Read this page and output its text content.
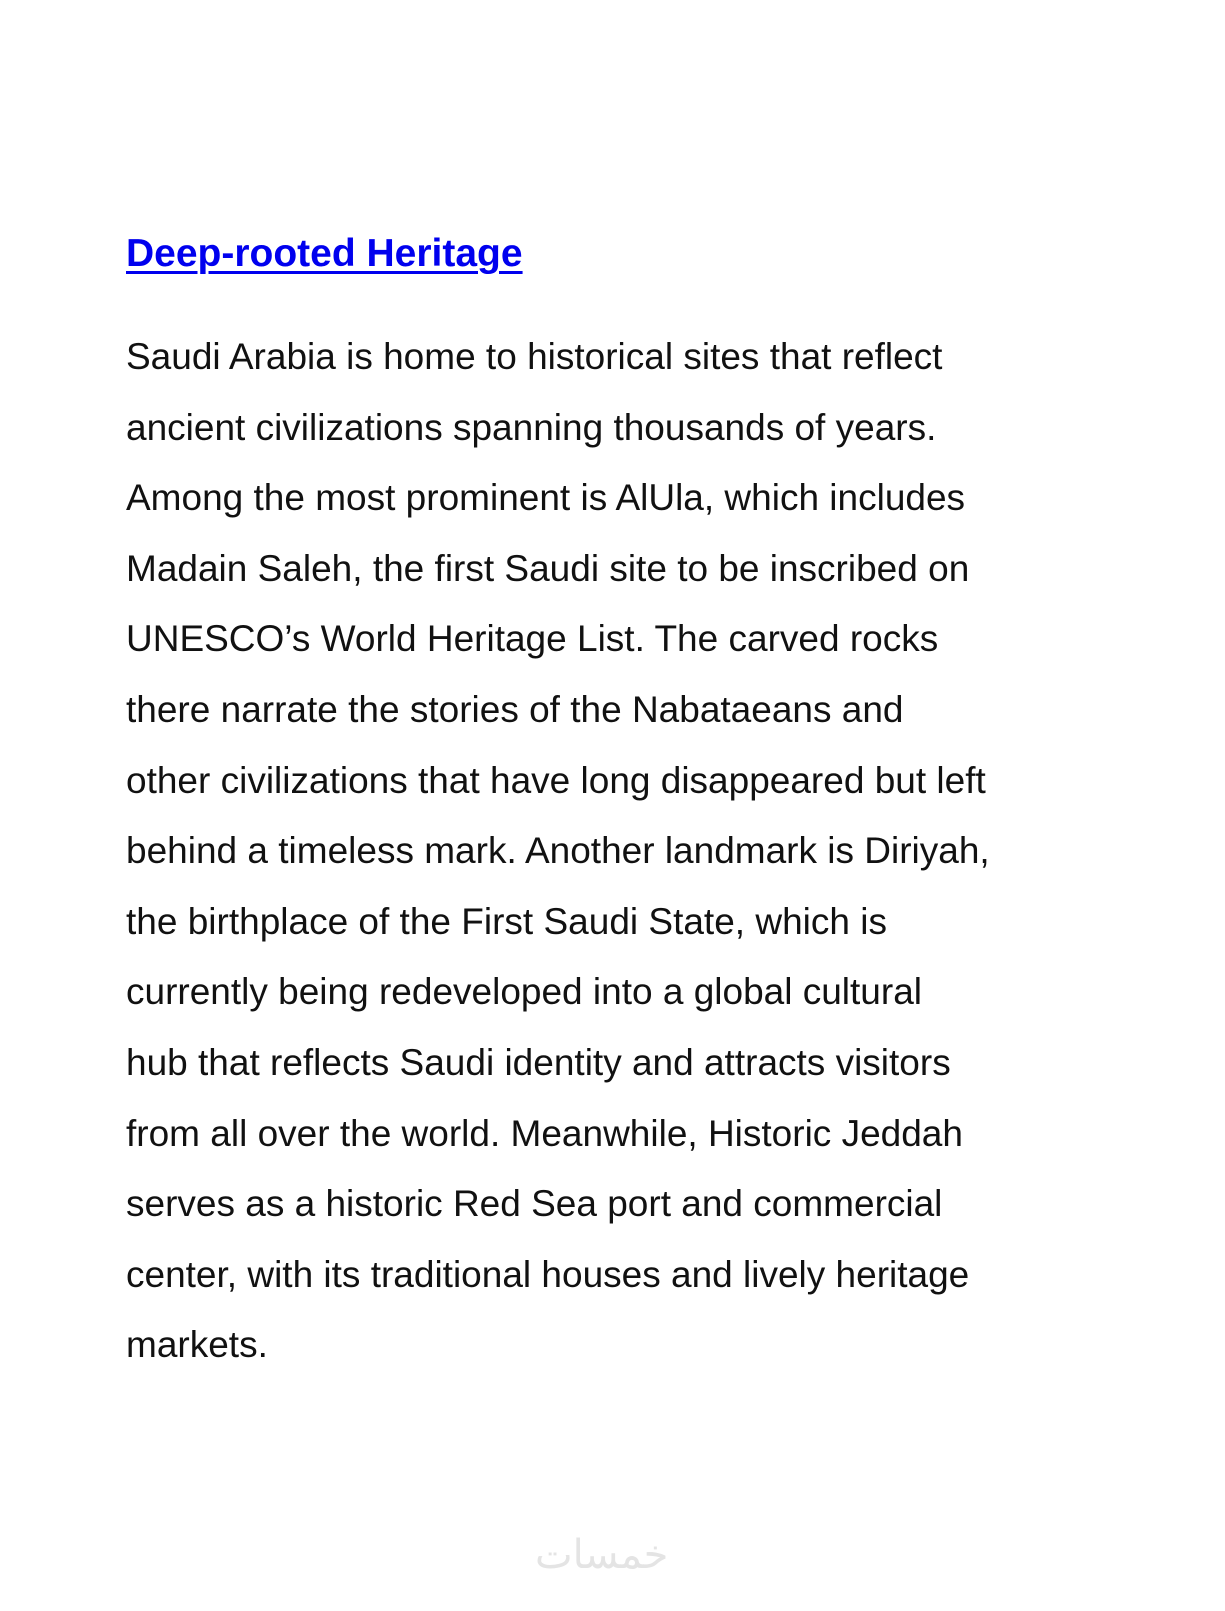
Deep-rooted Heritage
Saudi Arabia is home to historical sites that reflect
ancient civilizations spanning thousands of years.
Among the most prominent is AlUla, which includes
Madain Saleh, the first Saudi site to be inscribed on
UNESCO’s World Heritage List. The carved rocks
there narrate the stories of the Nabataeans and
other civilizations that have long disappeared but left
behind a timeless mark. Another landmark is Diriyah,
the birthplace of the First Saudi State, which is
currently being redeveloped into a global cultural
hub that reflects Saudi identity and attracts visitors
from all over the world. Meanwhile, Historic Jeddah
serves as a historic Red Sea port and commercial
center, with its traditional houses and lively heritage
markets.
خمسات
